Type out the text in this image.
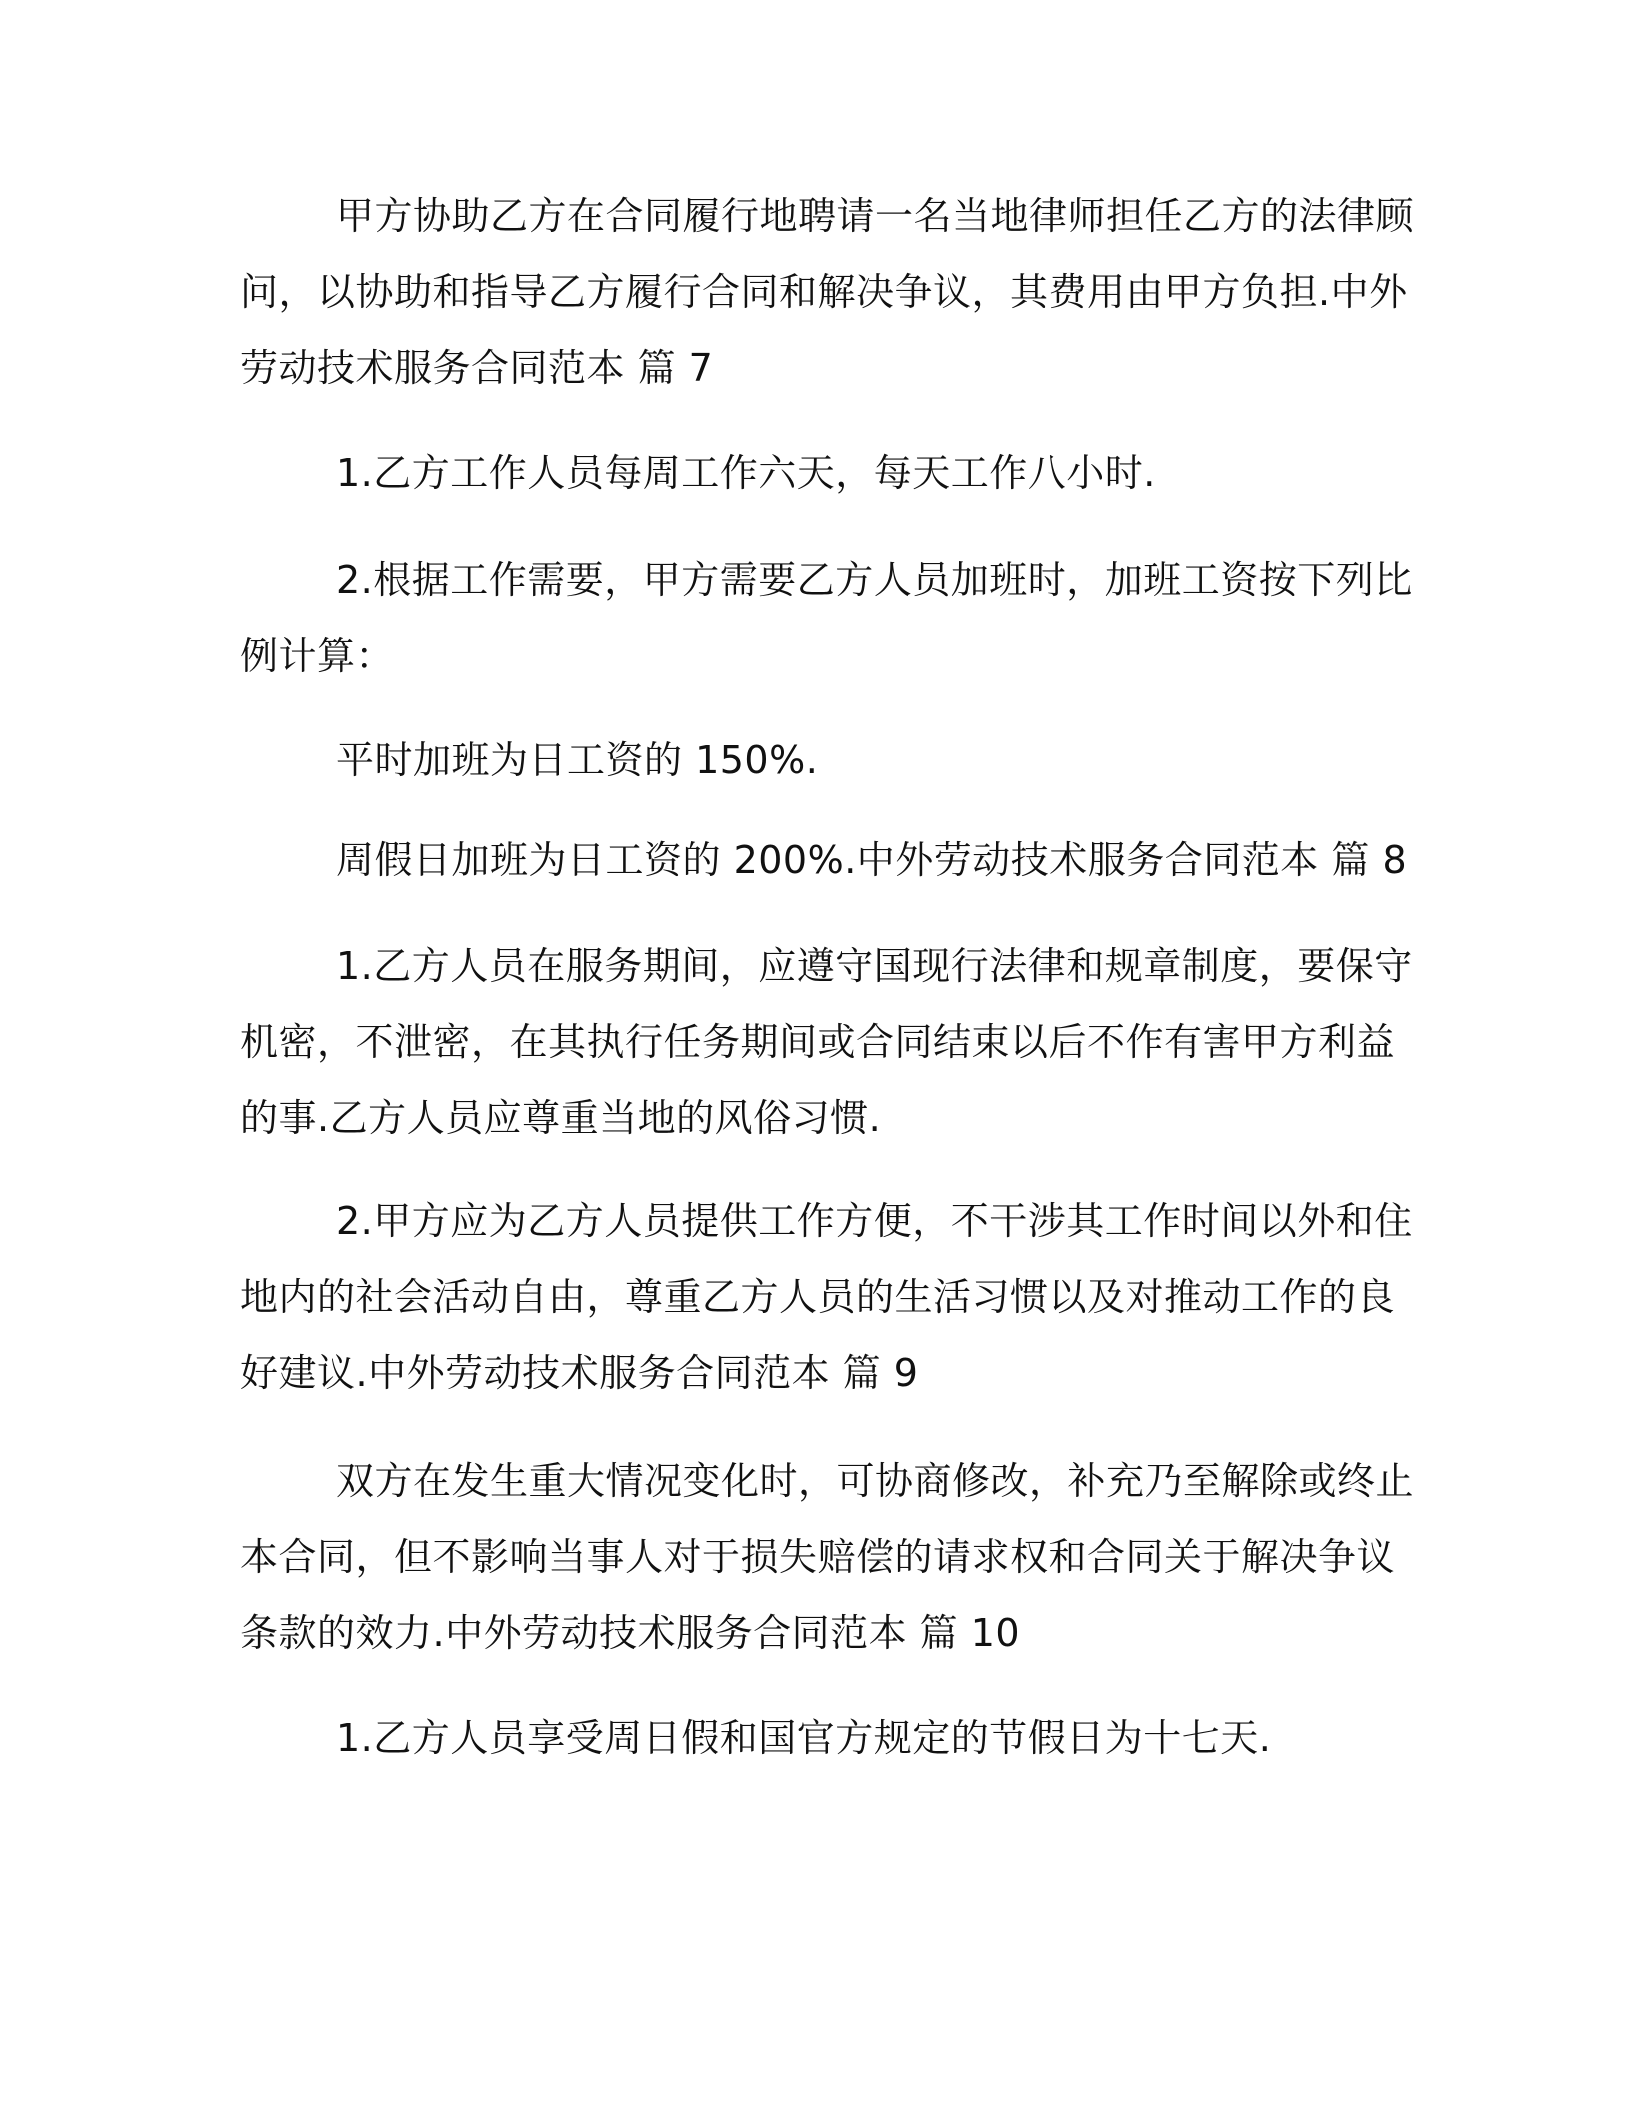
甲方协助乙方在合同履行地聘请一名当地律师担任乙方的法律顾
问，以协助和指导乙方履行合同和解决争议，其费用由甲方负担.中外
劳动技术服务合同范本 篇 7
1.乙方工作人员每周工作六天，每天工作八小时.
2.根据工作需要，甲方需要乙方人员加班时，加班工资按下列比
例计算：
平时加班为日工资的 150%.
周假日加班为日工资的 200%.中外劳动技术服务合同范本 篇 8
1.乙方人员在服务期间，应遵守国现行法律和规章制度，要保守
机密，不泄密，在其执行任务期间或合同结束以后不作有害甲方利益
的事.乙方人员应尊重当地的风俗习惯.
2.甲方应为乙方人员提供工作方便，不干涉其工作时间以外和住
地内的社会活动自由，尊重乙方人员的生活习惯以及对推动工作的良
好建议.中外劳动技术服务合同范本 篇 9
双方在发生重大情况变化时，可协商修改，补充乃至解除或终止
本合同，但不影响当事人对于损失赔偿的请求权和合同关于解决争议
条款的效力.中外劳动技术服务合同范本 篇 10
1.乙方人员享受周日假和国官方规定的节假日为十七天.
